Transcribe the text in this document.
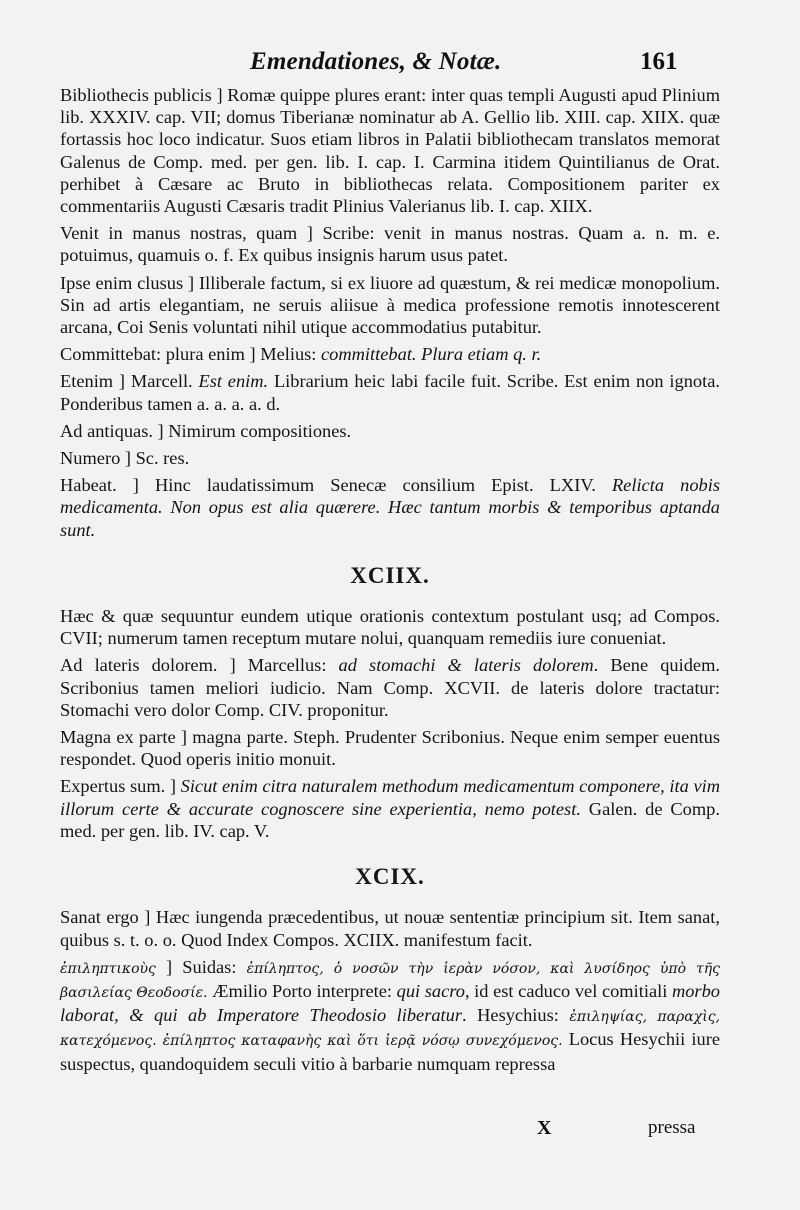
Emendationes, & Notæ.	161

Bibliothecis publicis ] Romæ quippe plures erant: inter quas templi Augusti apud Plinium lib. XXXIV. cap. VII; domus Tiberianæ nominatur ab A. Gellio lib. XIII. cap. XIIX. quæ fortassis hoc loco indicatur. Suos etiam libros in Palatii bibliothecam translatos memorat Galenus de Comp. med. per gen. lib. I. cap. I. Carmina itidem Quintilianus de Orat. perhibet à Cæsare ac Bruto in bibliothecas relata. Compositionem pariter ex commentariis Augusti Cæsaris tradit Plinius Valerianus lib. I. cap. XIIX.

Venit in manus nostras, quam ] Scribe: venit in manus nostras. Quam a. n. m. e. potuimus, quamuis o. f. Ex quibus insignis harum usus patet.

Ipse enim clusus ] Illiberale factum, si ex liuore ad quæstum, & rei medicæ monopolium. Sin ad artis elegantiam, ne seruis aliisue à medica professione remotis innotescerent arcana, Coi Senis voluntati nihil utique accommodatius putabitur.

Committebat: plura enim ] Melius: committebat. Plura etiam q. r.

Etenim ] Marcell. Est enim. Librarium heic labi facile fuit. Scribe. Est enim non ignota. Ponderibus tamen a. a. a. a. d.

Ad antiquas. ] Nimirum compositiones.

Numero ] Sc. res.

Habeat. ] Hinc laudatissimum Senecæ consilium Epist. LXIV. Relicta nobis medicamenta. Non opus est alia quærere. Hæc tantum morbis & temporibus aptanda sunt.

XCIIX.

Hæc & quæ sequuntur eundem utique orationis contextum postulant usq; ad Compos. CVII; numerum tamen receptum mutare nolui, quanquam remediis iure conueniat.

Ad lateris dolorem. ] Marcellus: ad stomachi & lateris dolorem. Bene quidem. Scribonius tamen meliori iudicio. Nam Comp. XCVII. de lateris dolore tractatur: Stomachi vero dolor Comp. CIV. proponitur.

Magna ex parte ] magna parte. Steph. Prudenter Scribonius. Neque enim semper euentus respondet. Quod operis initio monuit.

Expertus sum. ] Sicut enim citra naturalem methodum medicamentum componere, ita vim illorum certe & accurate cognoscere sine experientia, nemo potest. Galen. de Comp. med. per gen. lib. IV. cap. V.

XCIX.

Sanat ergo ] Hæc iungenda præcedentibus, ut nouæ sententiæ principium sit. Item sanat, quibus s. t. o. o. Quod Index Compos. XCIIX. manifestum facit.

ἐπιληπτικοὺς ] Suidas: ἐπίληπτος, ὁ νοσῶν τὴν ἱερὰν νόσον, καὶ λυσίδηος ὑπὸ τῆς βασιλείας Θεοδοσίε. Æmilio Porto interprete: qui sacro, id est caduco vel comitiali morbo laborat, & qui ab Imperatore Theodosio liberatur. Hesychius: ἐπιληψίας, παραχὶς, κατεχόμενος. ἐπίληπτος καταφανὴς καὶ ὅτι ἱερᾷ νόσῳ συνεχόμενος. Locus Hesychii iure suspectus, quandoquidem seculi vitio à barbarie numquam repressa

X	pressa
